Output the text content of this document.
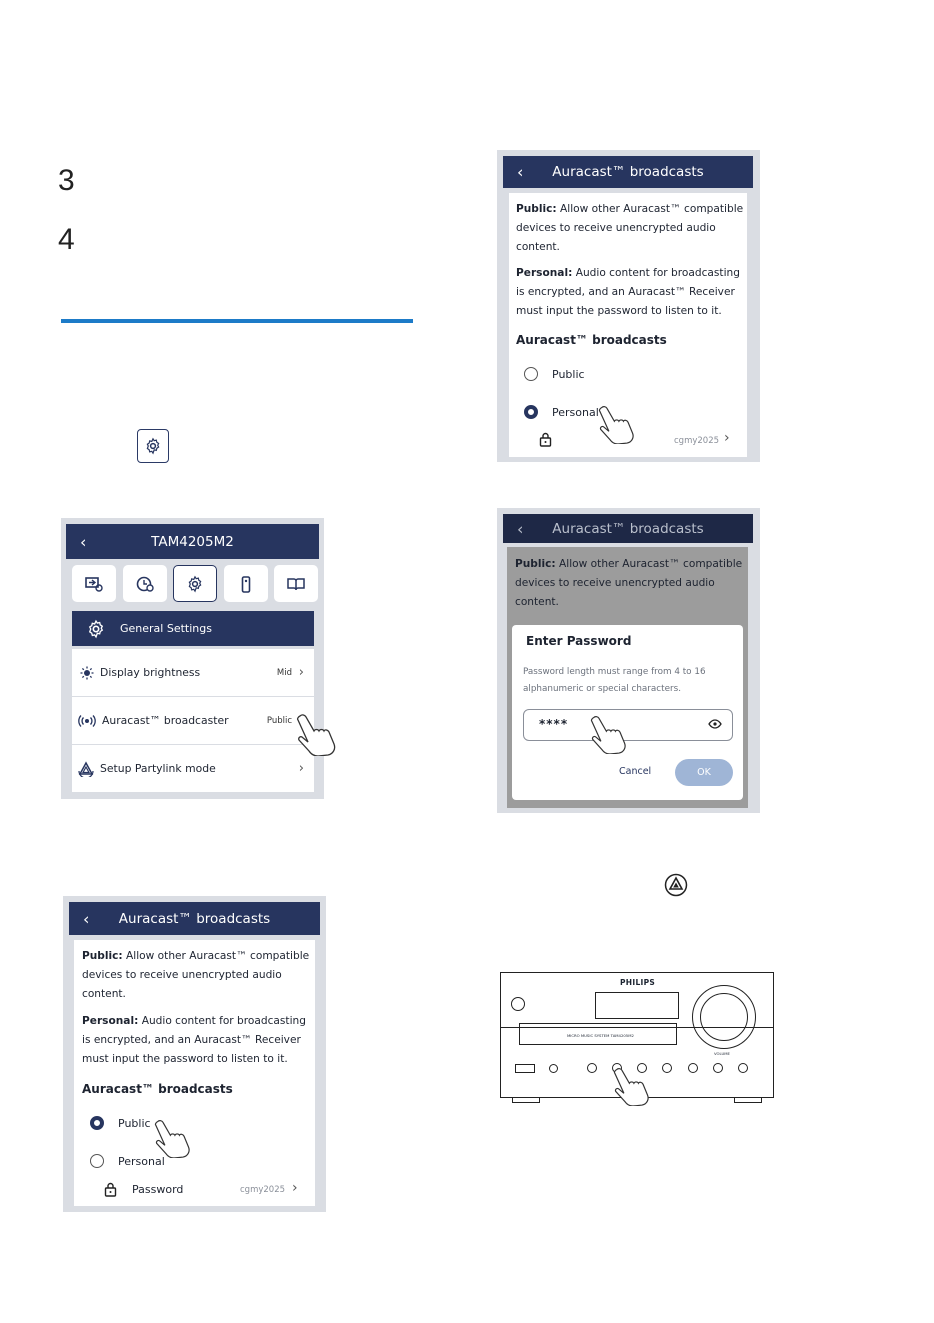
3
4
‹	TAM4205M2
General Settings
Display brightness	Mid ›
Auracast™ broadcaster	Public
Setup Partylink mode	›
‹ Auracast™ broadcasts
Public: Allow other Auracast™ compatible devices to receive unencrypted audio content.
Personal: Audio content for broadcasting is encrypted, and an Auracast™ Receiver must input the password to listen to it.
Auracast™ broadcasts
Public
Personal
Password	cgmy2025 ›
‹ Auracast™ broadcasts
Public: Allow other Auracast™ compatible devices to receive unencrypted audio content.
Personal: Audio content for broadcasting is encrypted, and an Auracast™ Receiver must input the password to listen to it.
Auracast™ broadcasts
Public
Personal
cgmy2025 ›
‹ Auracast™ broadcasts
Public: Allow other Auracast™ compatible devices to receive unencrypted audio content.
Enter Password
Password length must range from 4 to 16 alphanumeric or special characters.
****
Cancel	OK
PHILIPS
MICRO MUSIC SYSTEM TAM4205M2
VOLUME
